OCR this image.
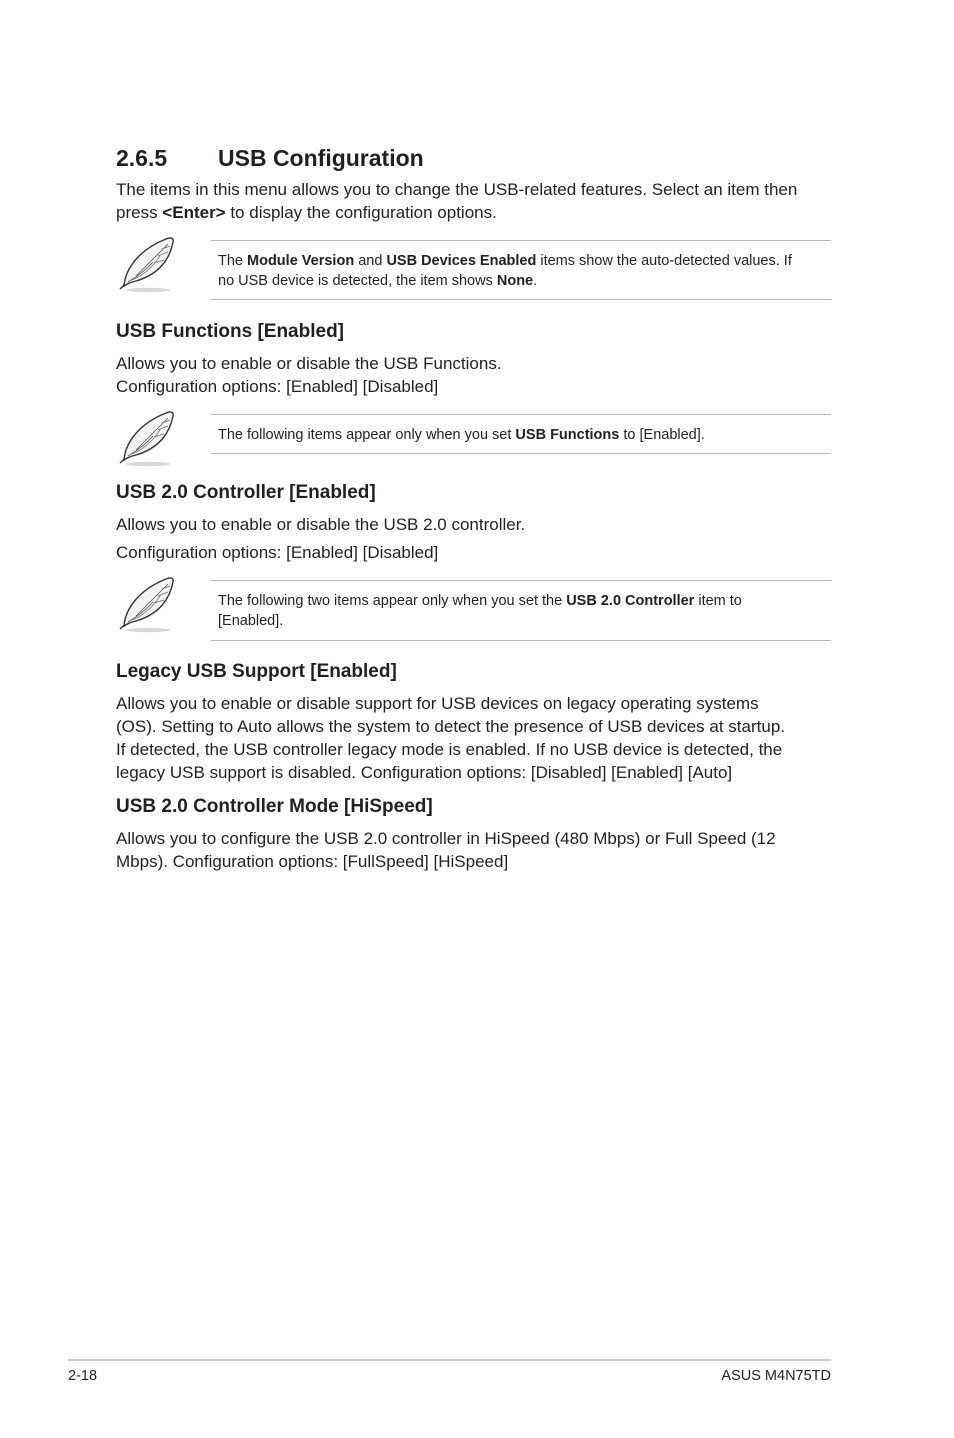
2.6.5 USB Configuration
The items in this menu allows you to change the USB-related features. Select an item then
press <Enter> to display the configuration options.
The Module Version and USB Devices Enabled items show the auto-detected values. If
no USB device is detected, the item shows None.
USB Functions [Enabled]
Allows you to enable or disable the USB Functions.
Configuration options: [Enabled] [Disabled]
The following items appear only when you set USB Functions to [Enabled].
USB 2.0 Controller [Enabled]
Allows you to enable or disable the USB 2.0 controller.
Configuration options: [Enabled] [Disabled]
The following two items appear only when you set the USB 2.0 Controller item to
[Enabled].
Legacy USB Support [Enabled]
Allows you to enable or disable support for USB devices on legacy operating systems
(OS). Setting to Auto allows the system to detect the presence of USB devices at startup.
If detected, the USB controller legacy mode is enabled. If no USB device is detected, the
legacy USB support is disabled. Configuration options: [Disabled] [Enabled] [Auto]
USB 2.0 Controller Mode [HiSpeed]
Allows you to configure the USB 2.0 controller in HiSpeed (480 Mbps) or Full Speed (12
Mbps). Configuration options: [FullSpeed] [HiSpeed]
2-18	ASUS M4N75TD
